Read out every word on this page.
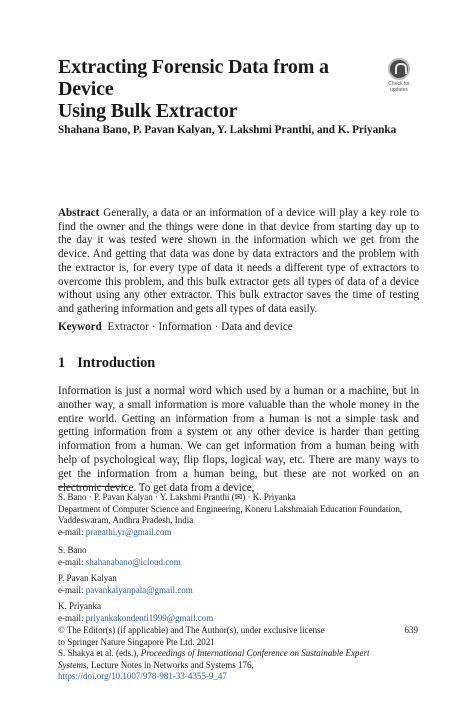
Extracting Forensic Data from a Device
Using Bulk Extractor
Check for
updates
Shahana Bano, P. Pavan Kalyan, Y. Lakshmi Pranthi, and K. Priyanka
Abstract Generally, a data or an information of a device will play a key role to find the owner and the things were done in that device from starting day up to the day it was tested were shown in the information which we get from the device. And getting that data was done by data extractors and the problem with the extractor is, for every type of data it needs a different type of extractors to overcome this problem, and this bulk extractor gets all types of data of a device without using any other extractor. This bulk extractor saves the time of testing and gathering information and gets all types of data easily.
Keyword Extractor · Information · Data and device
1 Introduction
Information is just a normal word which used by a human or a machine, but in another way, a small information is more valuable than the whole money in the entire world. Getting an information from a human is not a simple task and getting information from a system or any other device is harder than getting information from a human. We can get information from a human being with help of psychological way, flip flops, logical way, etc. There are many ways to get the information from a human being, but these are not worked on an electronic device. To get data from a device,
S. Bano · P. Pavan Kalyan · Y. Lakshmi Pranthi (✉) · K. Priyanka
Department of Computer Science and Engineering, Koneru Lakshmaiah Education Foundation,
Vaddeswaram, Andhra Pradesh, India
e-mail: pranathi.yr@gmail.com
S. Bano
e-mail: shahanabano@icloud.com
P. Pavan Kalyan
e-mail: pavankalyanpala@gmail.com
K. Priyanka
e-mail: priyankakondenti1999@gmail.com
© The Editor(s) (if applicable) and The Author(s), under exclusive license
to Springer Nature Singapore Pte Ltd. 2021
S. Shakya et al. (eds.), Proceedings of International Conference on Sustainable Expert
Systems, Lecture Notes in Networks and Systems 176,
https://doi.org/10.1007/978-981-33-4355-9_47
639
